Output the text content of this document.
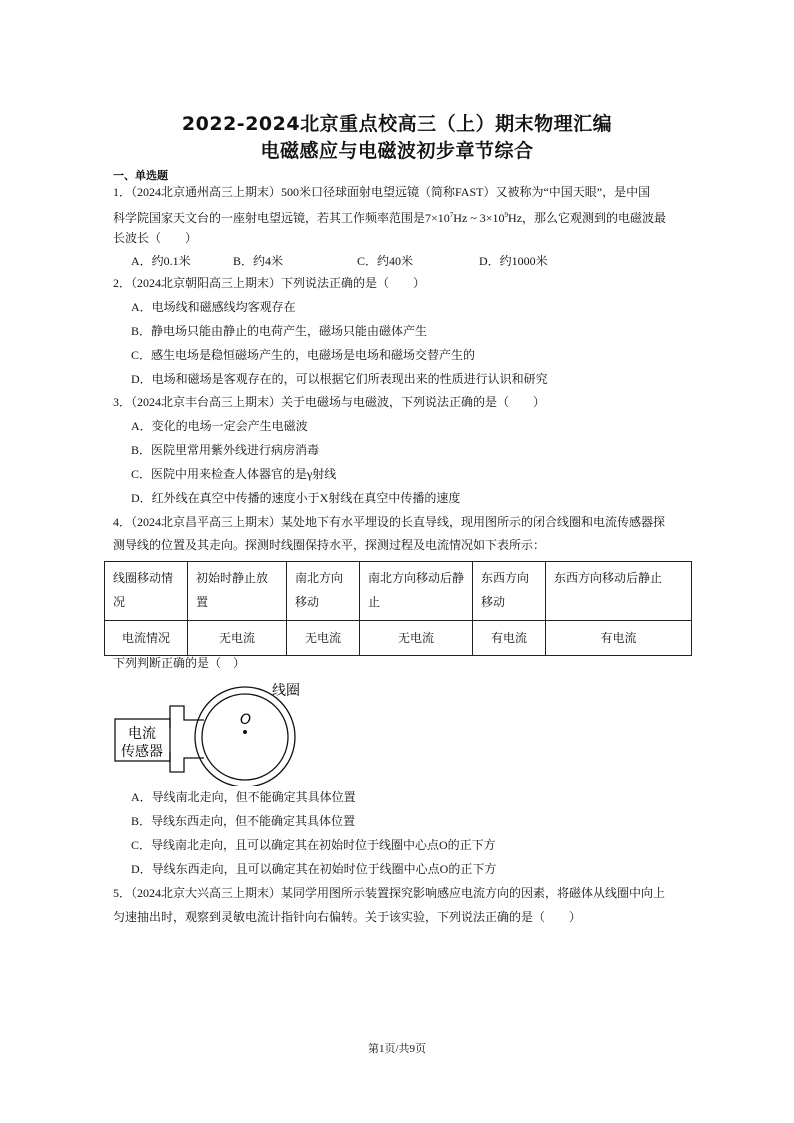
2022-2024北京重点校高三（上）期末物理汇编
电磁感应与电磁波初步章节综合
一、单选题
1．（2024北京通州高三上期末）500米口径球面射电望远镜（简称FAST）又被称为“中国天眼”，是中国
科学院国家天文台的一座射电望远镜，若其工作频率范围是$7\times 10^7Hz$ ~ $3\times 10^9Hz$，那么它观测到的电磁波最
长波长（　　）
A．约0.1米	B．约4米	C．约40米	D．约1000米
2．（2024北京朝阳高三上期末）下列说法正确的是（　　）
A．电场线和磁感线均客观存在
B．静电场只能由静止的电荷产生，磁场只能由磁体产生
C．感生电场是稳恒磁场产生的，电磁场是电场和磁场交替产生的
D．电场和磁场是客观存在的，可以根据它们所表现出来的性质进行认识和研究
3．（2024北京丰台高三上期末）关于电磁场与电磁波，下列说法正确的是（　　）
A．变化的电场一定会产生电磁波
B．医院里常用紫外线进行病房消毒
C．医院中用来检查人体器官的是γ射线
D．红外线在真空中传播的速度小于X射线在真空中传播的速度
4．（2024北京昌平高三上期末）某处地下有水平埋设的长直导线，现用图所示的闭合线圈和电流传感器探
测导线的位置及其走向。探测时线圈保持水平，探测过程及电流情况如下表所示：
线圈移动情况	初始时静止放置	南北方向移动	南北方向移动后静止	东西方向移动	东西方向移动后静止
电流情况	无电流	无电流	无电流	有电流	有电流
下列判断正确的是（　）
O
线圈
电流
传感器
A．导线南北走向，但不能确定其具体位置
B．导线东西走向，但不能确定其具体位置
C．导线南北走向，且可以确定其在初始时位于线圈中心点O的正下方
D．导线东西走向，且可以确定其在初始时位于线圈中心点O的正下方
5．（2024北京大兴高三上期末）某同学用图所示装置探究影响感应电流方向的因素，将磁体从线圈中向上
匀速抽出时，观察到灵敏电流计指针向右偏转。关于该实验，下列说法正确的是（　　）
第1页/共9页
